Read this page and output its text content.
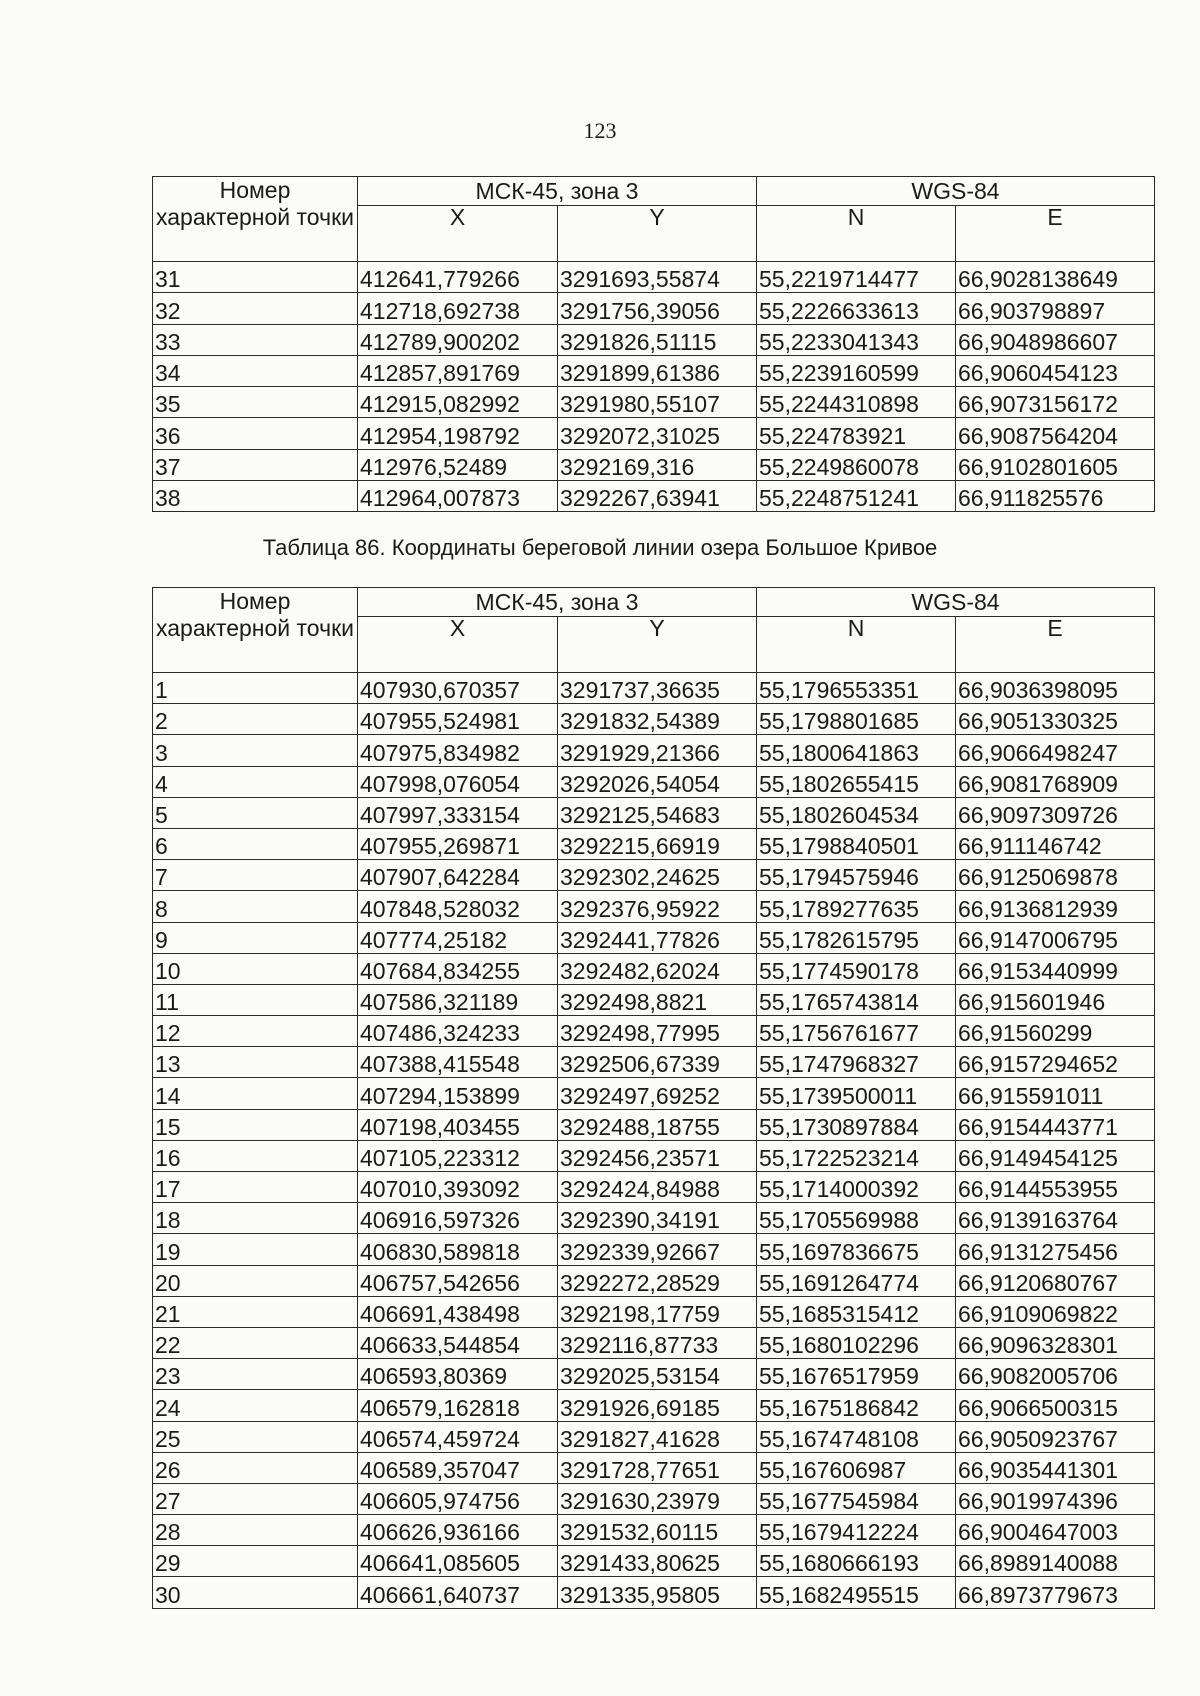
123
Номер характерной точки	МСК-45, зона 3		WGS-84	
	X	Y	N	E
31	412641,779266	3291693,55874	55,2219714477	66,9028138649
32	412718,692738	3291756,39056	55,2226633613	66,903798897
33	412789,900202	3291826,51115	55,2233041343	66,9048986607
34	412857,891769	3291899,61386	55,2239160599	66,9060454123
35	412915,082992	3291980,55107	55,2244310898	66,9073156172
36	412954,198792	3292072,31025	55,224783921	66,9087564204
37	412976,52489	3292169,316	55,2249860078	66,9102801605
38	412964,007873	3292267,63941	55,2248751241	66,911825576
Таблица 86. Координаты береговой линии озера Большое Кривое
Номер характерной точки	МСК-45, зона 3		WGS-84	
	X	Y	N	E
1	407930,670357	3291737,36635	55,1796553351	66,9036398095
2	407955,524981	3291832,54389	55,1798801685	66,9051330325
3	407975,834982	3291929,21366	55,1800641863	66,9066498247
4	407998,076054	3292026,54054	55,1802655415	66,9081768909
5	407997,333154	3292125,54683	55,1802604534	66,9097309726
6	407955,269871	3292215,66919	55,1798840501	66,911146742
7	407907,642284	3292302,24625	55,1794575946	66,9125069878
8	407848,528032	3292376,95922	55,1789277635	66,9136812939
9	407774,25182	3292441,77826	55,1782615795	66,9147006795
10	407684,834255	3292482,62024	55,1774590178	66,9153440999
11	407586,321189	3292498,8821	55,1765743814	66,915601946
12	407486,324233	3292498,77995	55,1756761677	66,91560299
13	407388,415548	3292506,67339	55,1747968327	66,9157294652
14	407294,153899	3292497,69252	55,1739500011	66,915591011
15	407198,403455	3292488,18755	55,1730897884	66,9154443771
16	407105,223312	3292456,23571	55,1722523214	66,9149454125
17	407010,393092	3292424,84988	55,1714000392	66,9144553955
18	406916,597326	3292390,34191	55,1705569988	66,9139163764
19	406830,589818	3292339,92667	55,1697836675	66,9131275456
20	406757,542656	3292272,28529	55,1691264774	66,9120680767
21	406691,438498	3292198,17759	55,1685315412	66,9109069822
22	406633,544854	3292116,87733	55,1680102296	66,9096328301
23	406593,80369	3292025,53154	55,1676517959	66,9082005706
24	406579,162818	3291926,69185	55,1675186842	66,9066500315
25	406574,459724	3291827,41628	55,1674748108	66,9050923767
26	406589,357047	3291728,77651	55,167606987	66,9035441301
27	406605,974756	3291630,23979	55,1677545984	66,9019974396
28	406626,936166	3291532,60115	55,1679412224	66,9004647003
29	406641,085605	3291433,80625	55,1680666193	66,8989140088
30	406661,640737	3291335,95805	55,1682495515	66,8973779673
